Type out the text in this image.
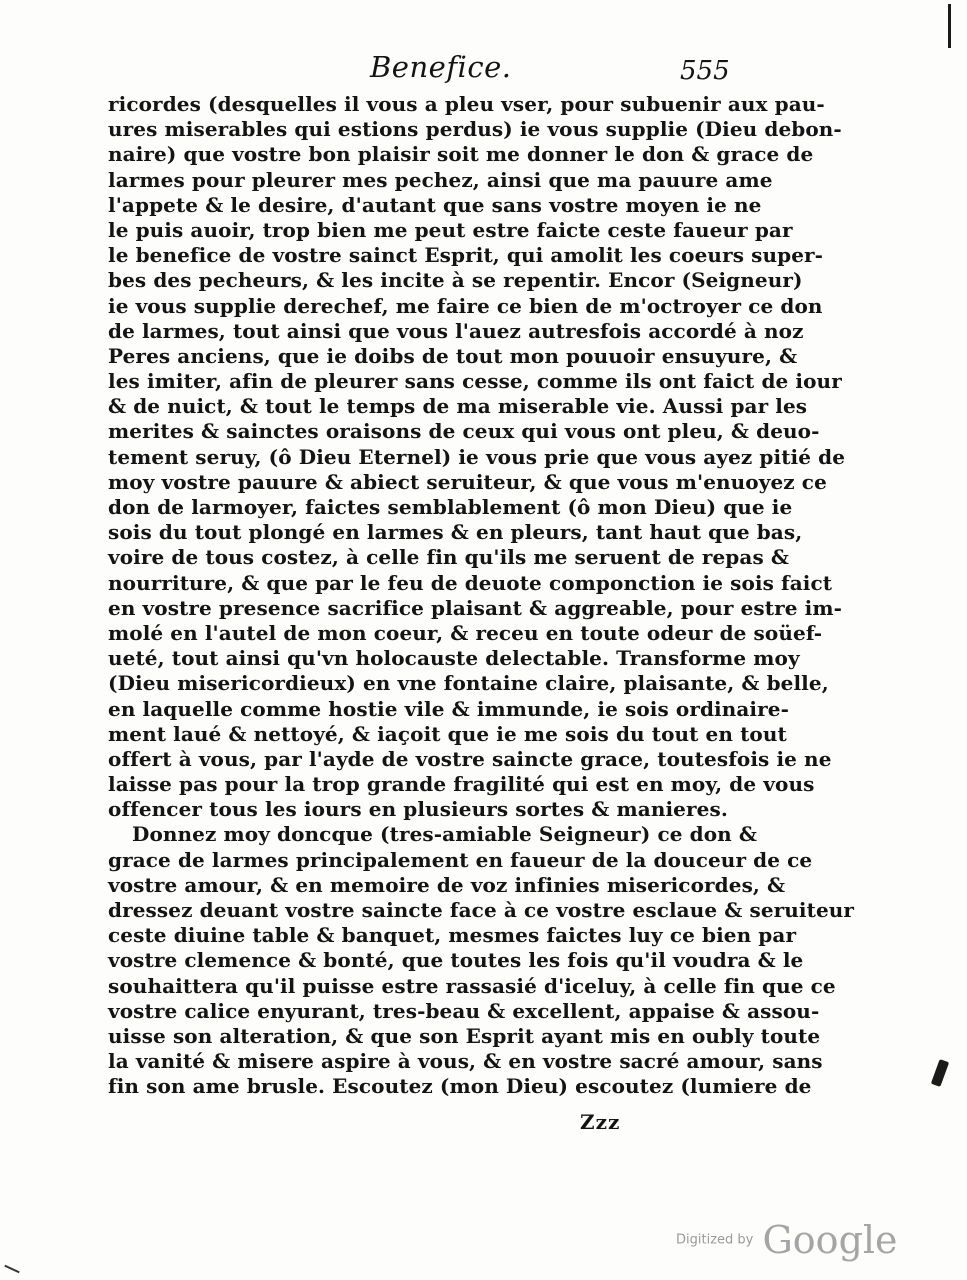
Benefice.	555
ricordes (desquelles il vous a pleu vser, pour subuenir aux pau-
ures miserables qui estions perdus) ie vous supplie (Dieu debon-
naire) que vostre bon plaisir soit me donner le don & grace de
larmes pour pleurer mes pechez, ainsi que ma pauure ame
l'appete & le desire, d'autant que sans vostre moyen ie ne
le puis auoir, trop bien me peut estre faicte ceste faueur par
le benefice de vostre sainct Esprit, qui amolit les coeurs super-
bes des pecheurs, & les incite à se repentir. Encor (Seigneur)
ie vous supplie derechef, me faire ce bien de m'octroyer ce don
de larmes, tout ainsi que vous l'auez autresfois accordé à noz
Peres anciens, que ie doibs de tout mon pouuoir ensuyure, &
les imiter, afin de pleurer sans cesse, comme ils ont faict de iour
& de nuict, & tout le temps de ma miserable vie. Aussi par les
merites & sainctes oraisons de ceux qui vous ont pleu, & deuo-
tement seruy, (ô Dieu Eternel) ie vous prie que vous ayez pitié de
moy vostre pauure & abiect seruiteur, & que vous m'enuoyez ce
don de larmoyer, faictes semblablement (ô mon Dieu) que ie
sois du tout plongé en larmes & en pleurs, tant haut que bas,
voire de tous costez, à celle fin qu'ils me seruent de repas &
nourriture, & que par le feu de deuote componction ie sois faict
en vostre presence sacrifice plaisant & aggreable, pour estre im-
molé en l'autel de mon coeur, & receu en toute odeur de soüef-
ueté, tout ainsi qu'vn holocauste delectable. Transforme moy
(Dieu misericordieux) en vne fontaine claire, plaisante, & belle,
en laquelle comme hostie vile & immunde, ie sois ordinaire-
ment laué & nettoyé, & iaçoit que ie me sois du tout en tout
offert à vous, par l'ayde de vostre saincte grace, toutesfois ie ne
laisse pas pour la trop grande fragilité qui est en moy, de vous
offencer tous les iours en plusieurs sortes & manieres.
Donnez moy doncque (tres-amiable Seigneur) ce don &
grace de larmes principalement en faueur de la douceur de ce
vostre amour, & en memoire de voz infinies misericordes, &
dressez deuant vostre saincte face à ce vostre esclaue & seruiteur
ceste diuine table & banquet, mesmes faictes luy ce bien par
vostre clemence & bonté, que toutes les fois qu'il voudra & le
souhaittera qu'il puisse estre rassasié d'iceluy, à celle fin que ce
vostre calice enyurant, tres-beau & excellent, appaise & assou-
uisse son alteration, & que son Esprit ayant mis en oubly toute
la vanité & misere aspire à vous, & en vostre sacré amour, sans
fin son ame brusle. Escoutez (mon Dieu) escoutez (lumiere de
Zzz
Digitized by Google
